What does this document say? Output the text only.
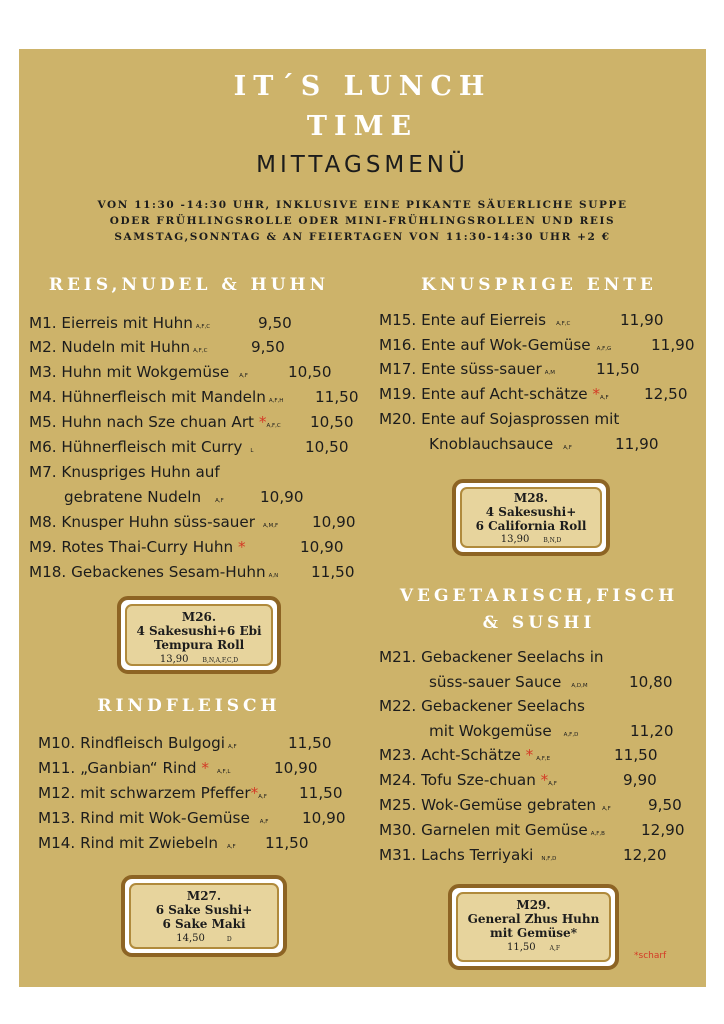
IT´S LUNCH
TIME
MITTAGSMENÜ
VON 11:30 -14:30 UHR, INKLUSIVE EINE PIKANTE SÄUERLICHE SUPPE
ODER FRÜHLINGSROLLE ODER MINI-FRÜHLINGSROLLEN UND REIS
SAMSTAG,SONNTAG & AN FEIERTAGEN VON 11:30-14:30 UHR +2 €
REIS,NUDEL & HUHN
M1. Eierreis mit Huhn A,F,C	9,50
M2. Nudeln mit Huhn A,F,C	9,50
M3. Huhn mit Wokgemüse A,F	10,50
M4. Hühnerfleisch mit Mandeln A,F,H 11,50
M5. Huhn nach Sze chuan Art *A,F,C 10,50
M6. Hühnerfleisch mit Curry L	10,50
M7. Knuspriges Huhn auf
gebratene Nudeln	A,F 10,90
M8. Knusper Huhn süss-sauer A,M,F 10,90
M9. Rotes Thai-Curry Huhn *	10,90
M18. Gebackenes Sesam-Huhn A,N 11,50
M26.
4 Sakesushi+6 Ebi
Tempura Roll
13,90 B,N,A,F,C,D
RINDFLEISCH
M10. Rindfleisch Bulgogi A,F	11,50
M11. „Ganbian“ Rind * A,F,L	10,90
M12. mit schwarzem Pfeffer*A,F 11,50
M13. Rind mit Wok-Gemüse A,F 10,90
M14. Rind mit Zwiebeln A,F 11,50
M27.
6 Sake Sushi+
6 Sake Maki
14,50	D
KNUSPRIGE ENTE
M15. Ente auf Eierreis A,F,C	11,90
M16. Ente auf Wok-Gemüse A,F,G	11,90
M17. Ente süss-sauer A,M	11,50
M19. Ente auf Acht-schätze *A,F 12,50
M20. Ente auf Sojasprossen mit
Knoblauchsauce A,F	11,90
M28.
4 Sakesushi+
6 California Roll
13,90 B,N,D
VEGETARISCH,FISCH
& SUSHI
M21. Gebackener Seelachs in
süss-sauer Sauce A,D,M	10,80
M22. Gebackener Seelachs
mit Wokgemüse A,F,D	11,20
M23. Acht-Schätze * A,F,E	11,50
M24. Tofu Sze-chuan *A,F	9,90
M25. Wok-Gemüse gebraten A,F 9,50
M30. Garnelen mit Gemüse A,F,B 12,90
M31. Lachs Terriyaki N,F,D	12,20
M29.
General Zhus Huhn
mit Gemüse*
11,50 A,F
*scharf
